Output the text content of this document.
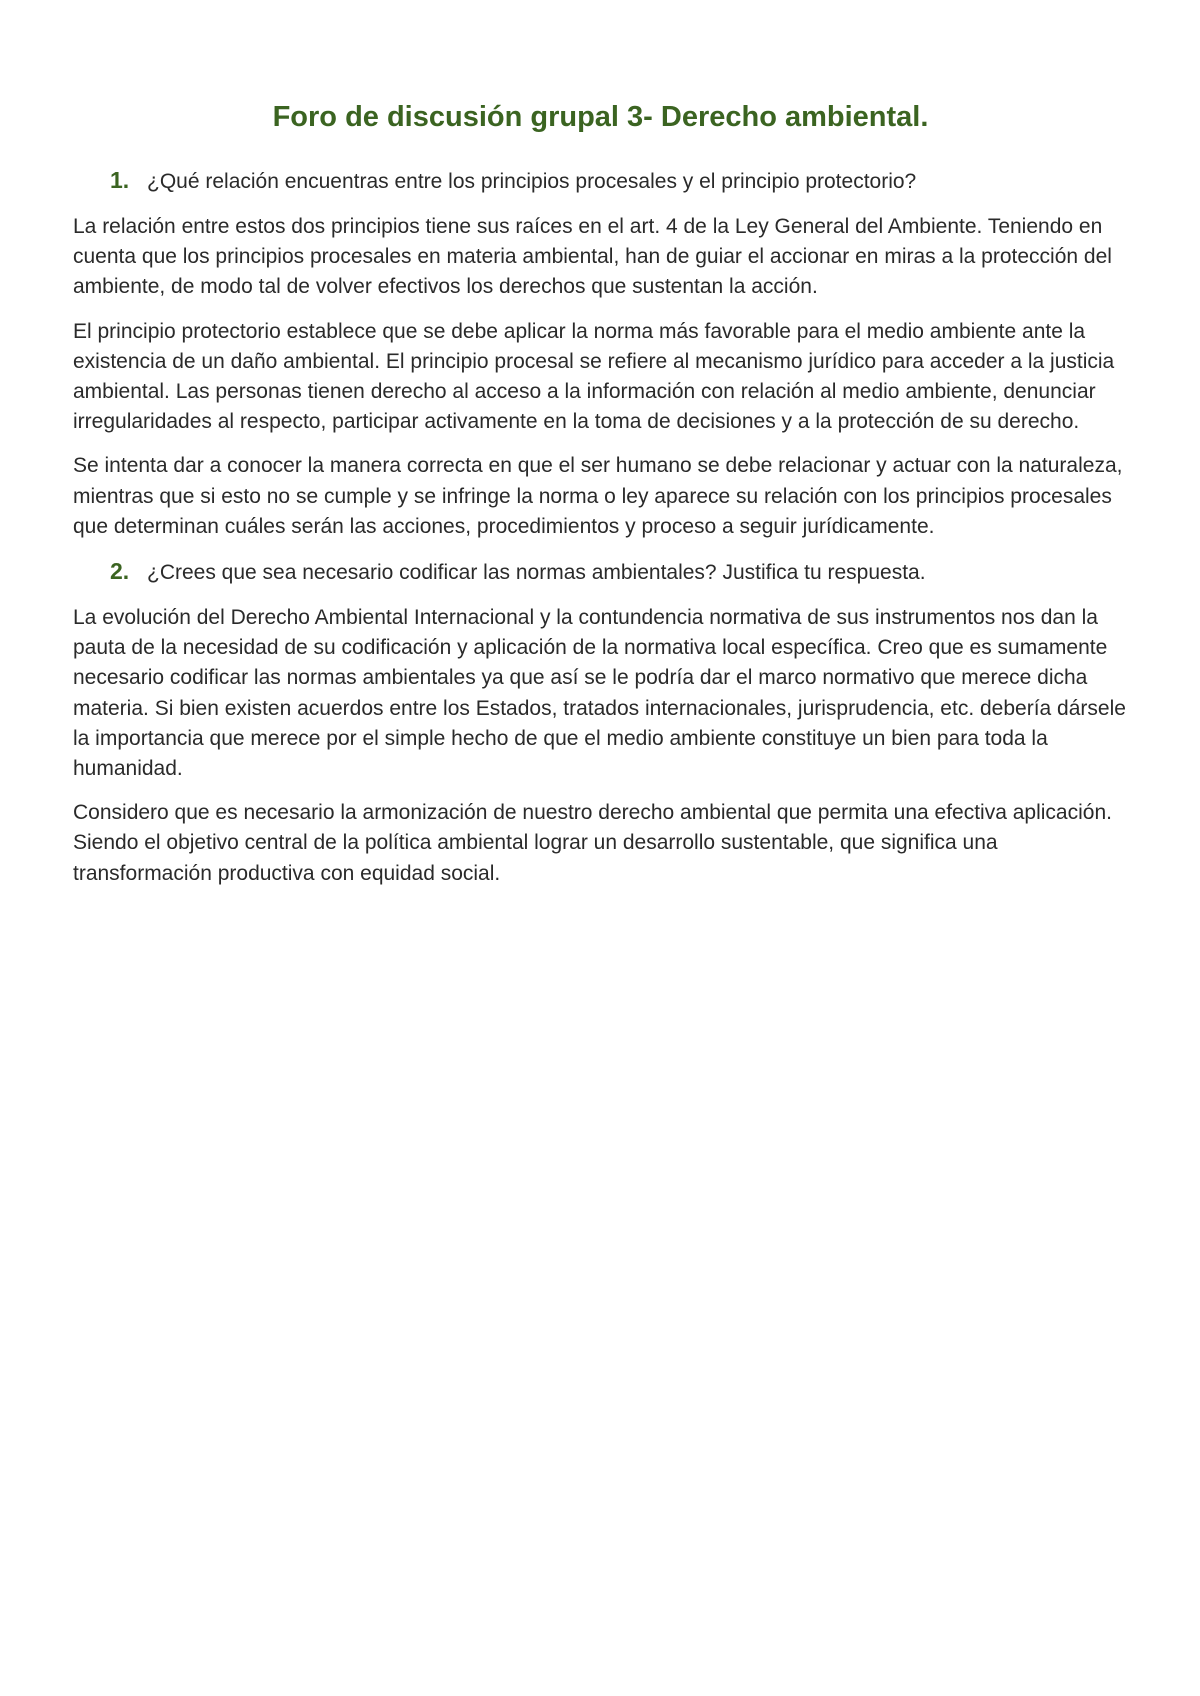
Foro de discusión grupal 3- Derecho ambiental.
1. ¿Qué relación encuentras entre los principios procesales y el principio protectorio?

La relación entre estos dos principios tiene sus raíces en el art. 4 de la Ley General del Ambiente. Teniendo en cuenta que los principios procesales en materia ambiental, han de guiar el accionar en miras a la protección del ambiente, de modo tal de volver efectivos los derechos que sustentan la acción.

El principio protectorio establece que se debe aplicar la norma más favorable para el medio ambiente ante la existencia de un daño ambiental. El principio procesal se refiere al mecanismo jurídico para acceder a la justicia ambiental. Las personas tienen derecho al acceso a la información con relación al medio ambiente, denunciar irregularidades al respecto, participar activamente en la toma de decisiones y a la protección de su derecho.

Se intenta dar a conocer la manera correcta en que el ser humano se debe relacionar y actuar con la naturaleza, mientras que si esto no se cumple y se infringe la norma o ley aparece su relación con los principios procesales que determinan cuáles serán las acciones, procedimientos y proceso a seguir jurídicamente.

2. ¿Crees que sea necesario codificar las normas ambientales? Justifica tu respuesta.

La evolución del Derecho Ambiental Internacional y la contundencia normativa de sus instrumentos nos dan la pauta de la necesidad de su codificación y aplicación de la normativa local específica. Creo que es sumamente necesario codificar las normas ambientales ya que así se le podría dar el marco normativo que merece dicha materia. Si bien existen acuerdos entre los Estados, tratados internacionales, jurisprudencia, etc. debería dársele la importancia que merece por el simple hecho de que el medio ambiente constituye un bien para toda la humanidad.

Considero que es necesario la armonización de nuestro derecho ambiental que permita una efectiva aplicación. Siendo el objetivo central de la política ambiental lograr un desarrollo sustentable, que significa una transformación productiva con equidad social.
